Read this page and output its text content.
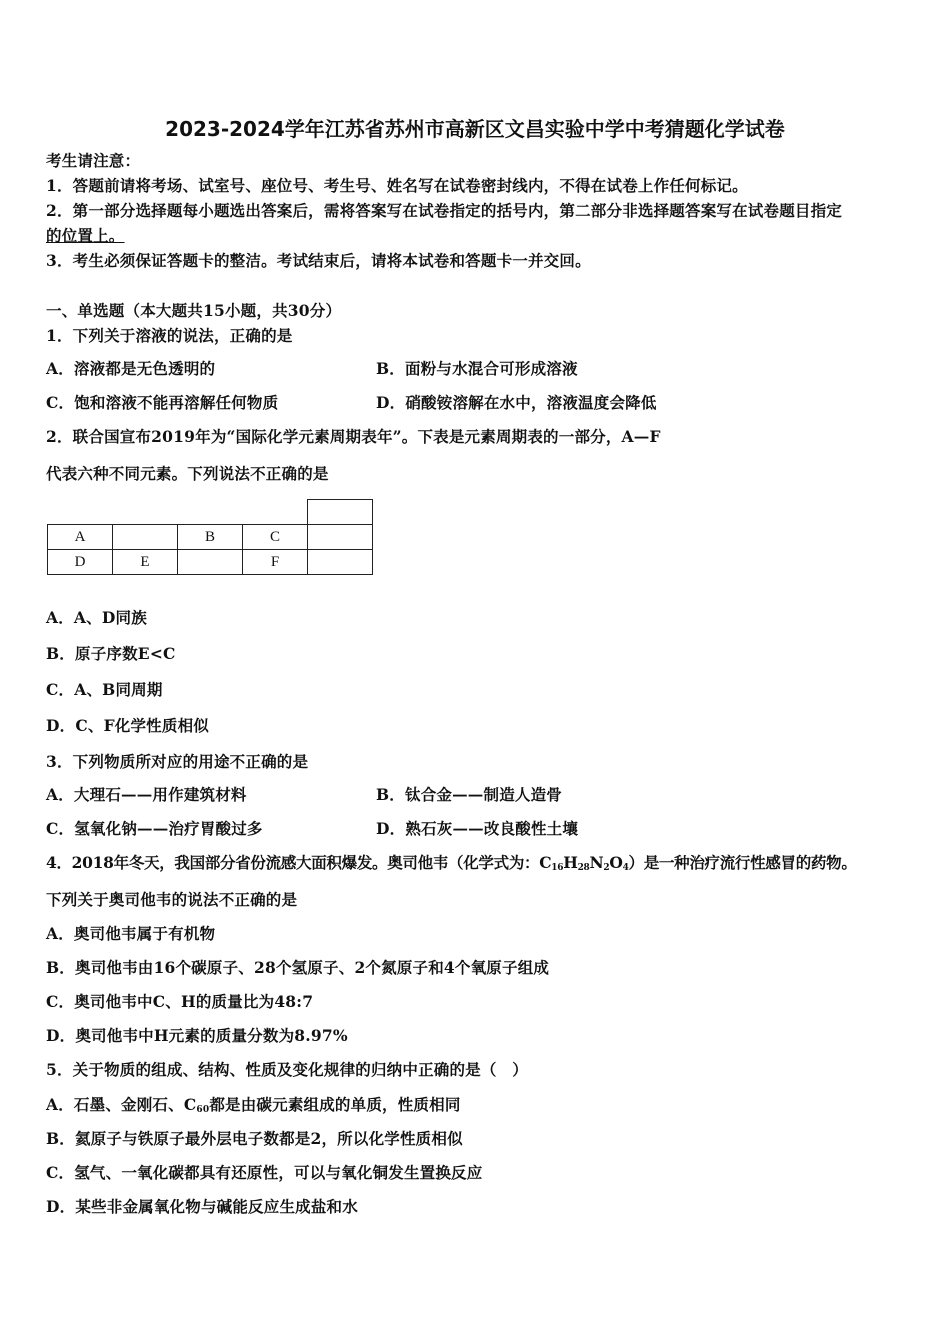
2023-2024学年江苏省苏州市高新区文昌实验中学中考猜题化学试卷
考生请注意：
1．答题前请将考场、试室号、座位号、考生号、姓名写在试卷密封线内，不得在试卷上作任何标记。
2．第一部分选择题每小题选出答案后，需将答案写在试卷指定的括号内，第二部分非选择题答案写在试卷题目指定
的位置上。
3．考生必须保证答题卡的整洁。考试结束后，请将本试卷和答题卡一并交回。
一、单选题（本大题共15小题，共30分）
1．下列关于溶液的说法，正确的是
A．溶液都是无色透明的	B．面粉与水混合可形成溶液
C．饱和溶液不能再溶解任何物质	D．硝酸铵溶解在水中，溶液温度会降低
2．联合国宣布2019年为“国际化学元素周期表年”。下表是元素周期表的一部分，A—F
代表六种不同元素。下列说法不正确的是

A		B	C	
D	E		F	
A．A、D同族
B．原子序数E<C
C．A、B同周期
D．C、F化学性质相似
3．下列物质所对应的用途不正确的是
A．大理石——用作建筑材料	B．钛合金——制造人造骨
C．氢氧化钠——治疗胃酸过多	D．熟石灰——改良酸性土壤
4．2018年冬天，我国部分省份流感大面积爆发。奥司他韦（化学式为：$C_{16}H_{28}N_2O_4$）是一种治疗流行性感冒的药物。
下列关于奥司他韦的说法不正确的是
A．奥司他韦属于有机物
B．奥司他韦由16个碳原子、28个氢原子、2个氮原子和4个氧原子组成
C．奥司他韦中C、H的质量比为48:7
D．奥司他韦中H元素的质量分数为8.97%
5．关于物质的组成、结构、性质及变化规律的归纳中正确的是（　）
A．石墨、金刚石、$C_{60}$都是由碳元素组成的单质，性质相同
B．氦原子与铁原子最外层电子数都是2，所以化学性质相似
C．氢气、一氧化碳都具有还原性，可以与氧化铜发生置换反应
D．某些非金属氧化物与碱能反应生成盐和水
